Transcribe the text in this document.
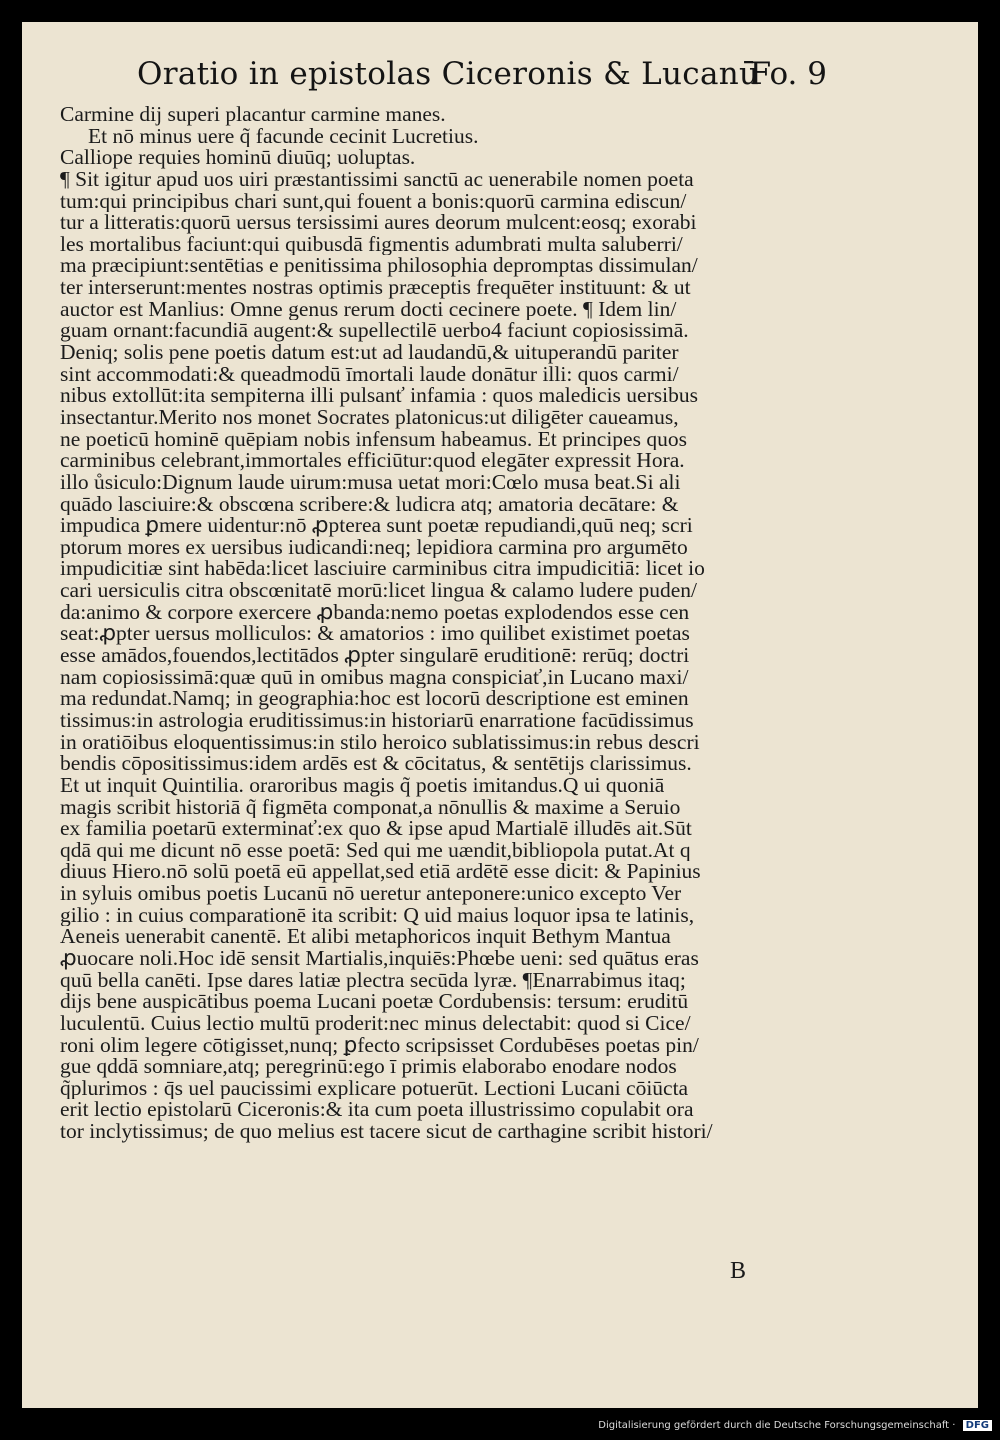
Oratio in epistolas Ciceronis & Lucanū
Fo. 9
Carmine dij superi placantur carmine manes.
Et nō minus uere q̃ facunde cecinit Lucretius.
Calliope requies hominū diuūq; uoluptas.
¶ Sit igitur apud uos uiri præstantissimi sanctū ac uenerabile nomen poeta
tum:qui principibus chari sunt,qui fouent a bonis:quorū carmina ediscun/
tur a litteratis:quorū uersus tersissimi aures deorum mulcent:eosq; exorabi
les mortalibus faciunt:qui quibusdā figmentis adumbrati multa saluberri/
ma præcipiunt:sentētias e penitissima philosophia depromptas dissimulan/
ter interserunt:mentes nostras optimis præceptis frequēter instituunt: & ut
auctor est Manlius: Omne genus rerum docti cecinere poete. ¶ Idem lin/
guam ornant:facundiā augent:& supellectilē uerbo4 faciunt copiosissimā.
Deniq; solis pene poetis datum est:ut ad laudandū,& uituperandū pariter
sint accommodati:& queadmodū īmortali laude donātur illi: quos carmi/
nibus extollūt:ita sempiterna illi pulsanť infamia : quos maledicis uersibus
insectantur.Merito nos monet Socrates platonicus:ut diligēter caueamus,
ne poeticū hominē quēpiam nobis infensum habeamus. Et principes quos
carminibus celebrant,immortales efficiūtur:quod elegāter expressit Hora.
illo ůsiculo:Dignum laude uirum:musa uetat mori:Cœlo musa beat.Si ali
quādo lasciuire:& obscœna scribere:& ludicra atq; amatoria decātare: &
impudica ꝑmere uidentur:nō ꝓpterea sunt poetæ repudiandi,quū neq; scri
ptorum mores ex uersibus iudicandi:neq; lepidiora carmina pro argumēto
impudicitiæ sint habēda:licet lasciuire carminibus citra impudicitiā: licet io
cari uersiculis citra obscœnitatē morū:licet lingua & calamo ludere puden/
da:animo & corpore exercere ꝓbanda:nemo poetas explodendos esse cen
seat:ꝓpter uersus molliculos: & amatorios : imo quilibet existimet poetas
esse amādos,fouendos,lectitādos ꝓpter singularē eruditionē: rerūq; doctri
nam copiosissimā:quæ quū in omibus magna conspiciať,in Lucano maxi/
ma redundat.Namq; in geographia:hoc est locorū descriptione est eminen
tissimus:in astrologia eruditissimus:in historiarū enarratione facūdissimus
in oratiōibus eloquentissimus:in stilo heroico sublatissimus:in rebus descri
bendis cōpositissimus:idem ardēs est & cōcitatus, & sentētijs clarissimus.
Et ut inquit Quintilia. oraroribus magis q̃ poetis imitandus.Q ui quoniā
magis scribit historiā q̃ figmēta componat,a nōnullis & maxime a Seruio
ex familia poetarū exterminať:ex quo & ipse apud Martialē illudēs ait.Sūt
qdā qui me dicunt nō esse poetā: Sed qui me uændit,bibliopola putat.At q
diuus Hiero.nō solū poetā eū appellat,sed etiā ardētē esse dicit: & Papinius
in syluis omibus poetis Lucanū nō ueretur anteponere:unico excepto Ver
gilio : in cuius comparationē ita scribit: Q uid maius loquor ipsa te latinis,
Aeneis uenerabit canentē. Et alibi metaphoricos inquit Bethym Mantua
ꝓuocare noli.Hoc idē sensit Martialis,inquiēs:Phœbe ueni: sed quātus eras
quū bella canēti. Ipse dares latiæ plectra secūda lyræ. ¶Enarrabimus itaq;
dijs bene auspicātibus poema Lucani poetæ Cordubensis: tersum: eruditū
luculentū. Cuius lectio multū proderit:nec minus delectabit: quod si Cice/
roni olim legere cōtigisset,nunq; ꝑfecto scripsisset Cordubēses poetas pin/
gue qddā somniare,atq; peregrinū:ego ī primis elaborabo enodare nodos
q̃plurimos : q̄s uel paucissimi explicare potuerūt. Lectioni Lucani cōiūcta
erit lectio epistolarū Ciceronis:& ita cum poeta illustrissimo copulabit ora
tor inclytissimus; de quo melius est tacere sicut de carthagine scribit histori/
B
Digitalisierung gefördert durch die Deutsche Forschungsgemeinschaft · DFG
